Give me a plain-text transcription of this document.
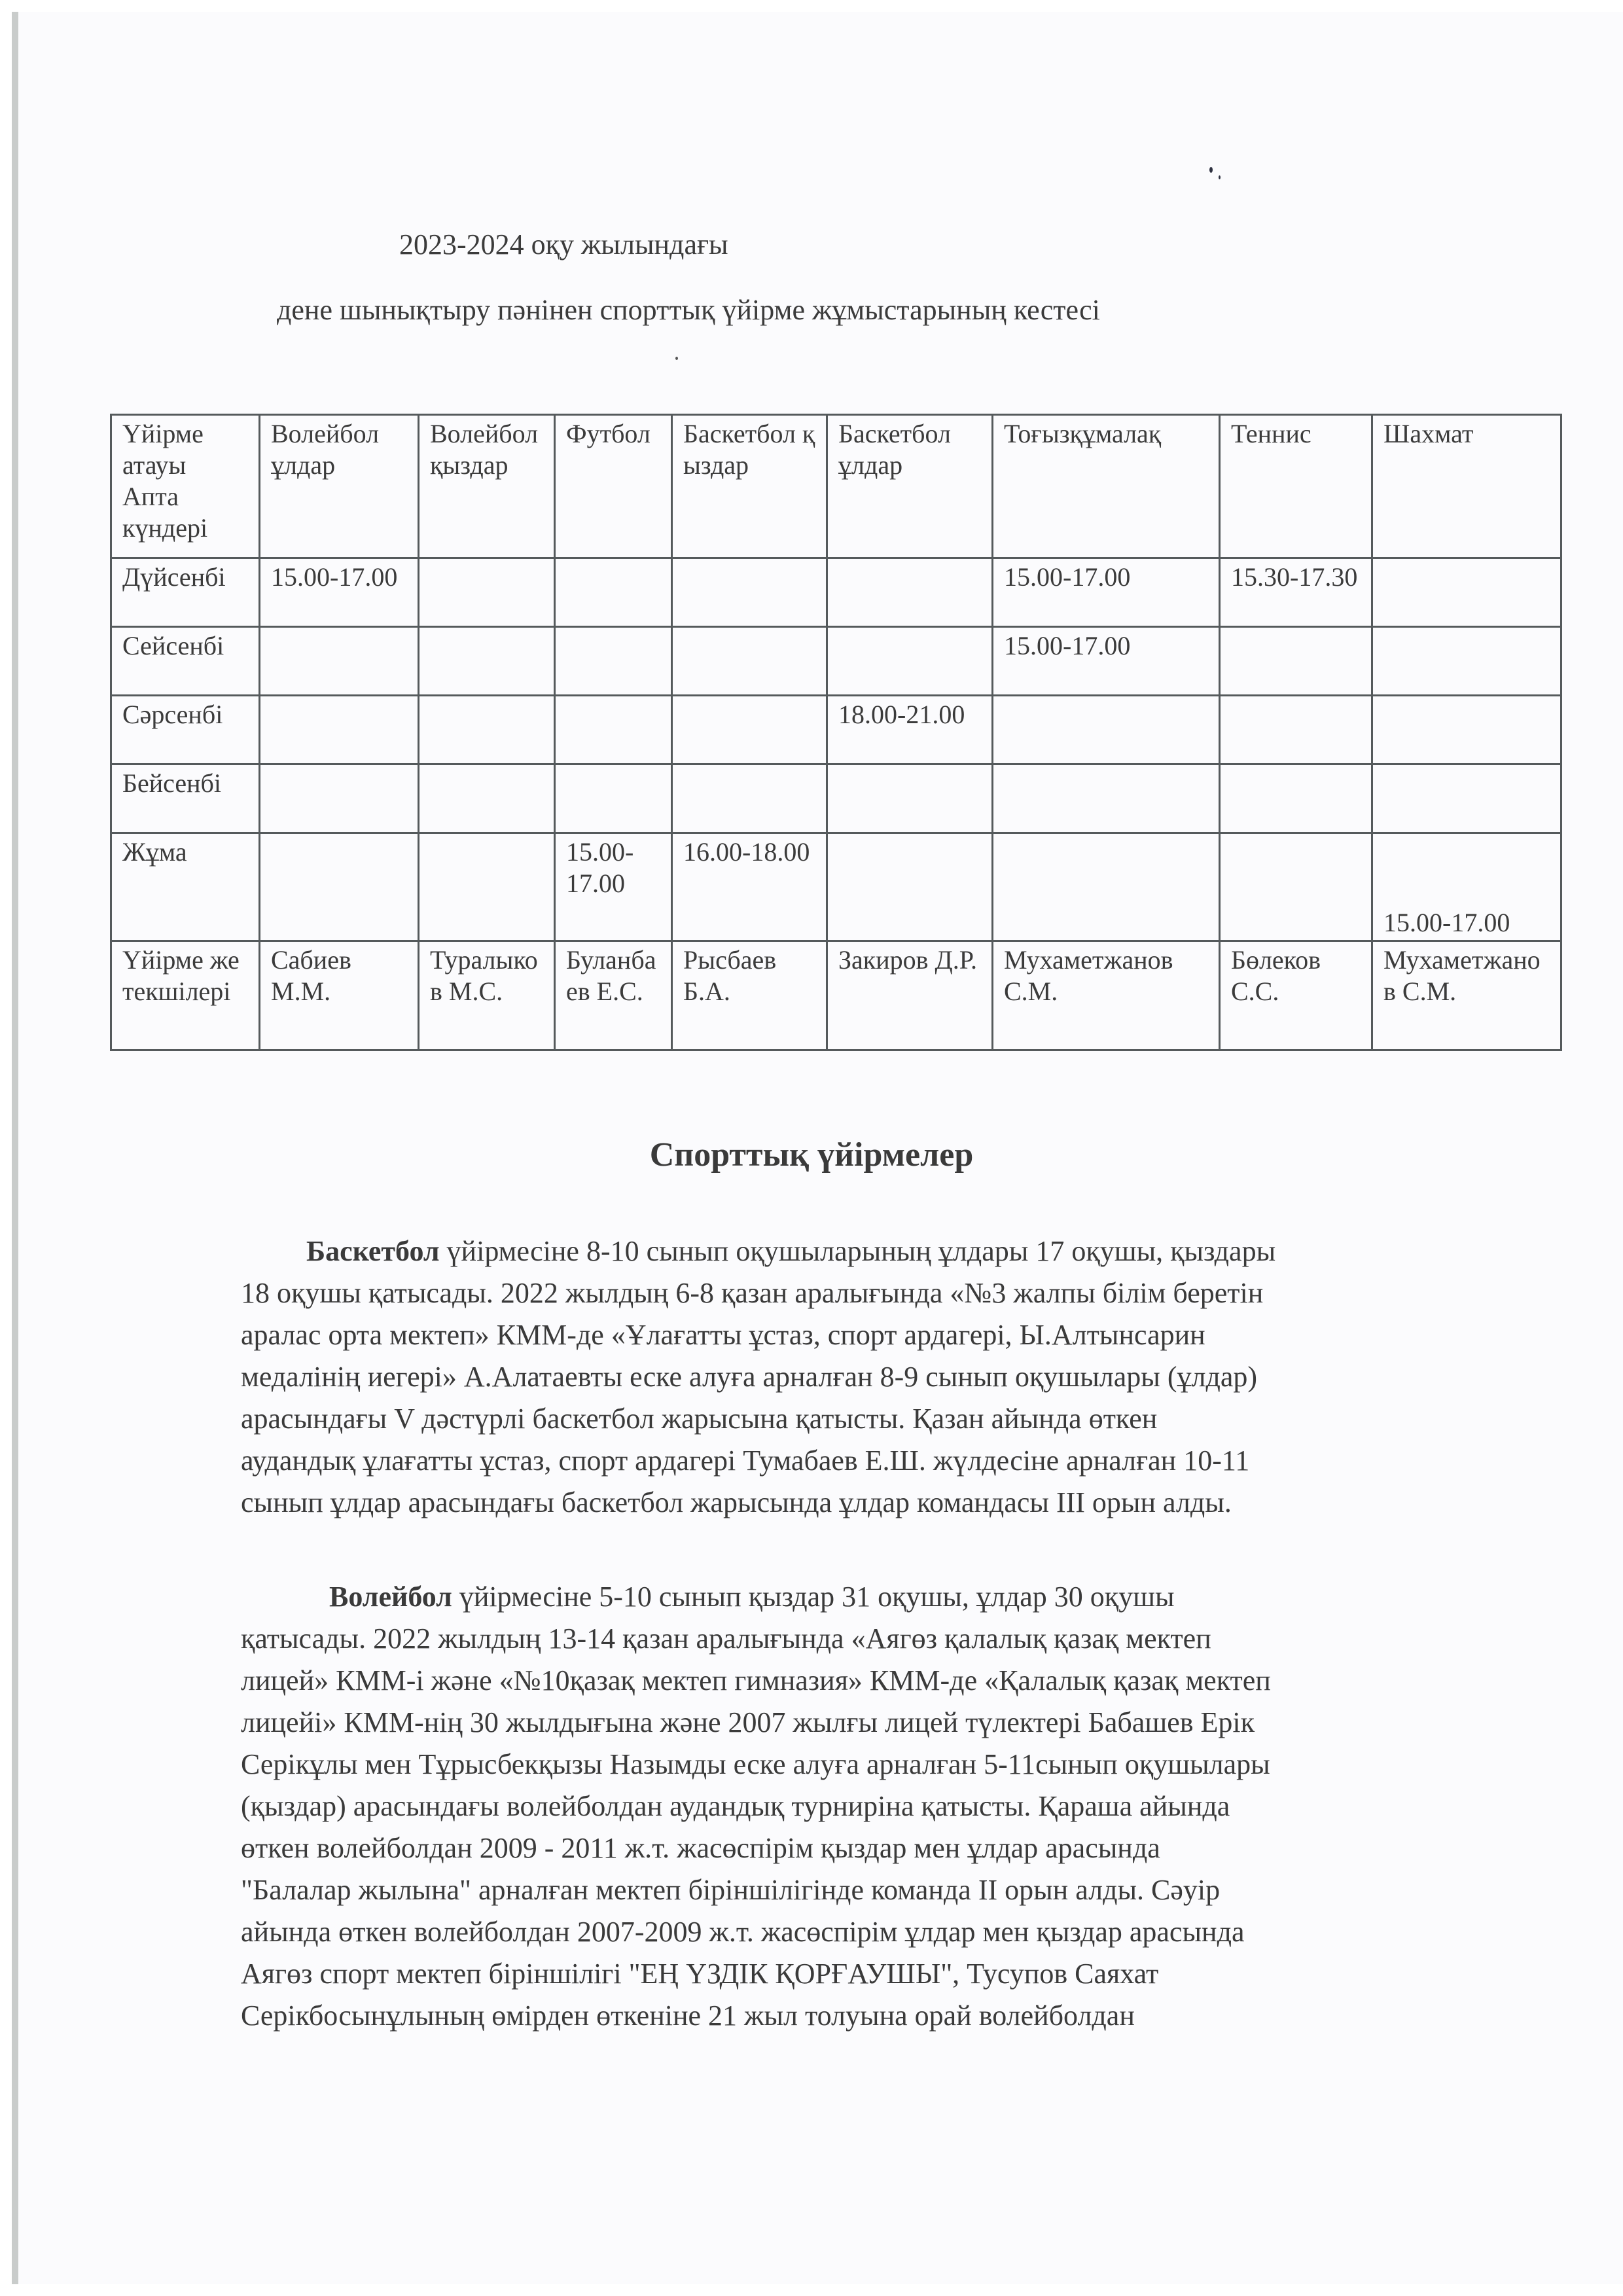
2023-2024 оқу жылындағы
дене шынықтыру пәнінен спорттық үйірме жұмыстарының кестесі
Үйірме
атауы
Апта
күндері	Волейбол ұлдар	Волейбол қыздар	Футбол	Баскетбол қыздар	Баскетбол ұлдар	Тоғызқұмалақ	Теннис	Шахмат
Дүйсенбі	15.00-17.00					15.00-17.00	15.30-17.30	
Сейсенбі						15.00-17.00		
Сәрсенбі					18.00-21.00			
Бейсенбі								
Жұма			15.00-17.00	16.00-18.00				15.00-17.00
Үйірме жетекшілері	Сабиев М.М.	Туралыков М.С.	Буланбаев Е.С.	Рысбаев Б.А.	Закиров Д.Р.	Мухаметжанов С.М.	Бөлеков С.С.	Мухаметжанов С.М.
Спорттық үйірмелер
Баскетбол үйірмесіне 8-10 сынып оқушыларының ұлдары 17 оқушы, қыздары
18 оқушы қатысады. 2022 жылдың 6-8 қазан аралығында «№3 жалпы білім беретін
аралас орта мектеп» КММ-де «Ұлағатты ұстаз, спорт ардагері, Ы.Алтынсарин
медалінің иегері» А.Алатаевты еске алуға арналған 8-9 сынып оқушылары (ұлдар)
арасындағы V дәстүрлі баскетбол жарысына қатысты. Қазан айында өткен
аудандық ұлағатты ұстаз, спорт ардагері Тумабаев Е.Ш. жүлдесіне арналған 10-11
сынып ұлдар арасындағы баскетбол жарысында ұлдар командасы ІІІ орын алды.
Волейбол үйірмесіне 5-10 сынып қыздар 31 оқушы, ұлдар 30 оқушы
қатысады. 2022 жылдың 13-14 қазан аралығында «Аягөз қалалық қазақ мектеп
лицей» КММ-і және «№10қазақ мектеп гимназия» КММ-де «Қалалық қазақ мектеп
лицейі» КММ-нің 30 жылдығына және 2007 жылғы лицей түлектері Бабашев Ерік
Серікұлы мен Тұрысбекқызы Назымды еске алуға арналған 5-11сынып оқушылары
(қыздар) арасындағы волейболдан аудандық турниріна қатысты. Қараша айында
өткен волейболдан 2009 - 2011 ж.т. жасөспірім қыздар мен ұлдар арасында
"Балалар жылына" арналған мектеп біріншілігінде команда ІІ орын алды. Сәуір
айында өткен волейболдан 2007-2009 ж.т. жасөспірім ұлдар мен қыздар арасында
Аягөз спорт мектеп біріншілігі "ЕҢ ҮЗДІК ҚОРҒАУШЫ", Тусупов Саяхат
Серікбосынұлының өмірден өткеніне 21 жыл толуына орай волейболдан
